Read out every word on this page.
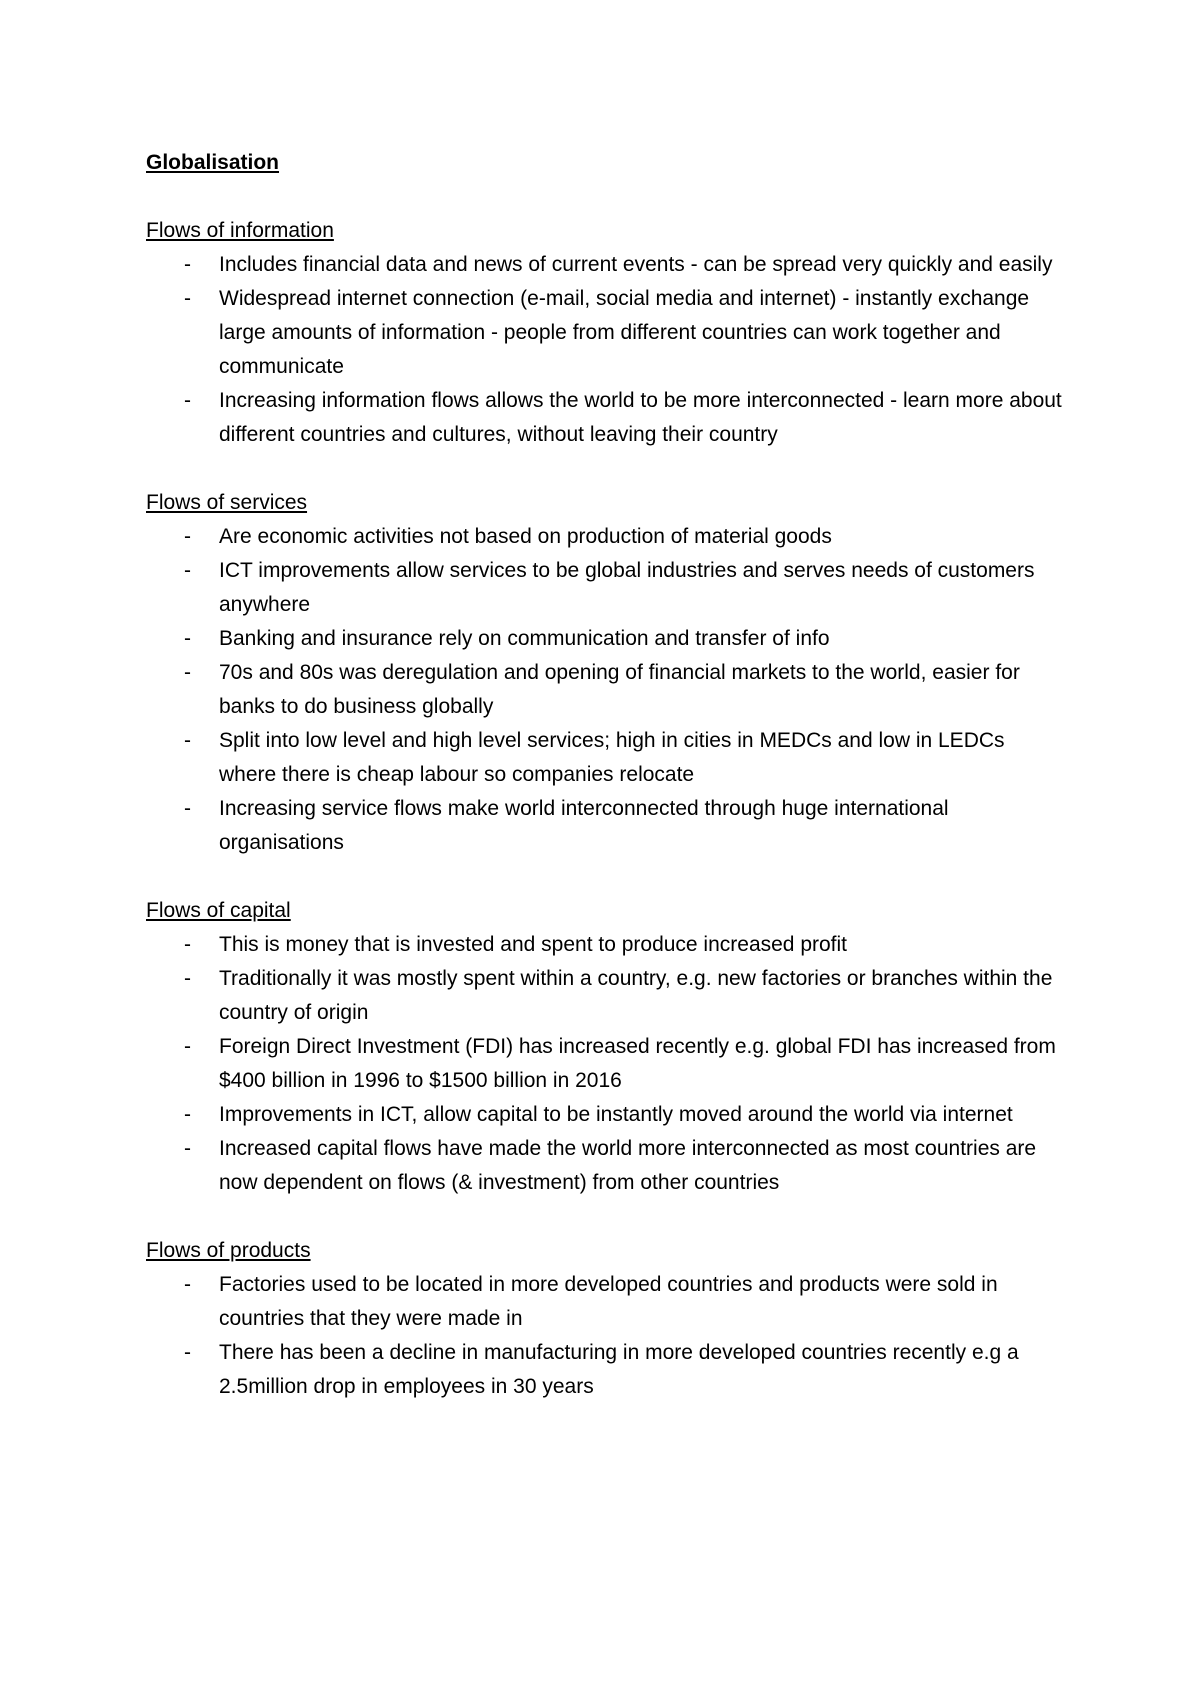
Globalisation
Flows of information
- Includes financial data and news of current events - can be spread very quickly and easily
- Widespread internet connection (e-mail, social media and internet) - instantly exchange large amounts of information - people from different countries can work together and communicate
- Increasing information flows allows the world to be more interconnected - learn more about different countries and cultures, without leaving their country
Flows of services
- Are economic activities not based on production of material goods
- ICT improvements allow services to be global industries and serves needs of customers anywhere
- Banking and insurance rely on communication and transfer of info
- 70s and 80s was deregulation and opening of financial markets to the world, easier for banks to do business globally
- Split into low level and high level services; high in cities in MEDCs and low in LEDCs where there is cheap labour so companies relocate
- Increasing service flows make world interconnected through huge international organisations
Flows of capital
- This is money that is invested and spent to produce increased profit
- Traditionally it was mostly spent within a country, e.g. new factories or branches within the country of origin
- Foreign Direct Investment (FDI) has increased recently e.g. global FDI has increased from $400 billion in 1996 to $1500 billion in 2016
- Improvements in ICT, allow capital to be instantly moved around the world via internet
- Increased capital flows have made the world more interconnected as most countries are now dependent on flows (& investment) from other countries
Flows of products
- Factories used to be located in more developed countries and products were sold in countries that they were made in
- There has been a decline in manufacturing in more developed countries recently e.g a 2.5million drop in employees in 30 years
